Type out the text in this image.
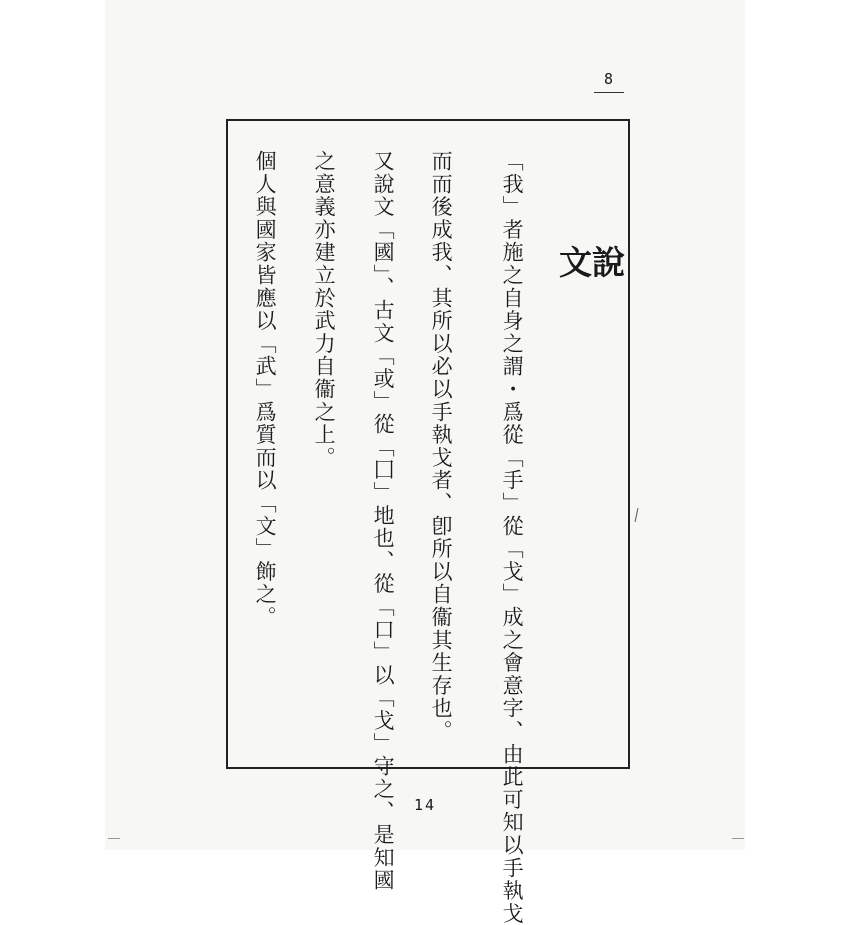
8
說文
「我」者施之自身之謂・爲從「手」從「戈」成之會意字、由此可知以手執戈
而而後成我、其所以必以手執戈者、卽所以自衞其生存也。
又說文「國」、古文「或」從「囗」地也、從「口」以「戈」守之、是知國
之意義亦建立於武力自衞之上。
個人與國家皆應以「武」爲質而以「文」飾之。
14
